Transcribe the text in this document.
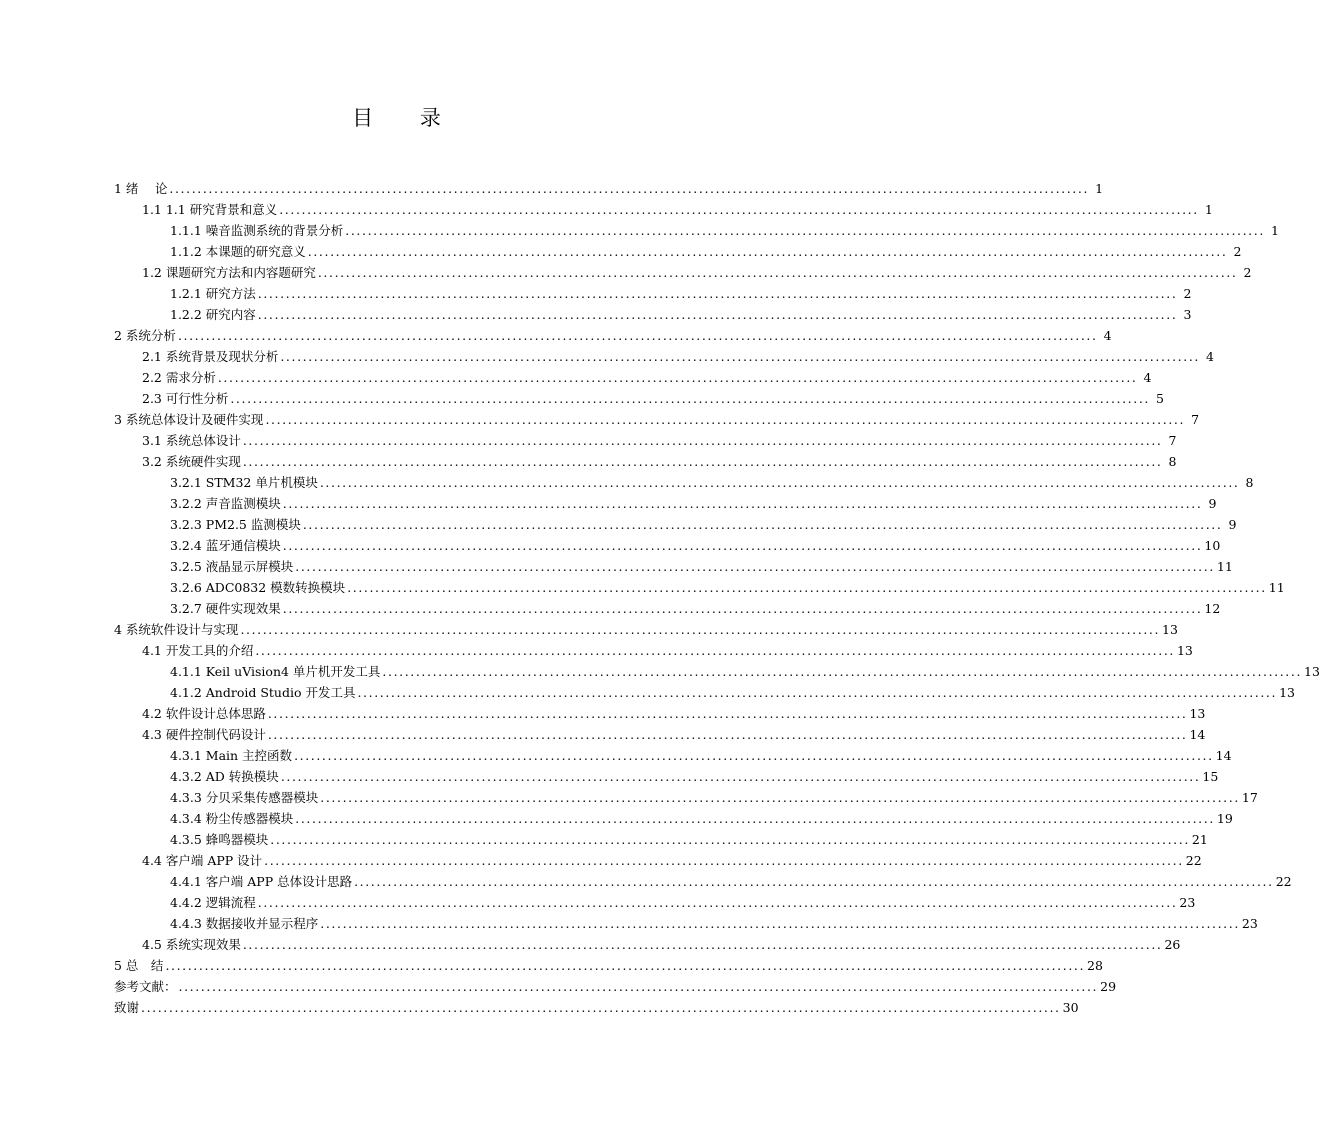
目 录
1 绪　 论 ..................................................................................................................................................................... 1
1.1 1.1 研究背景和意义 ..................................................................................................................................................................... 1
1.1.1 噪音监测系统的背景分析 ..................................................................................................................................................................... 1
1.1.2 本课题的研究意义 ..................................................................................................................................................................... 2
1.2 课题研究方法和内容题研究 ..................................................................................................................................................................... 2
1.2.1 研究方法 ..................................................................................................................................................................... 2
1.2.2 研究内容 ..................................................................................................................................................................... 3
2 系统分析 ..................................................................................................................................................................... 4
2.1 系统背景及现状分析 ..................................................................................................................................................................... 4
2.2 需求分析 ..................................................................................................................................................................... 4
2.3 可行性分析 ..................................................................................................................................................................... 5
3 系统总体设计及硬件实现 ..................................................................................................................................................................... 7
3.1 系统总体设计 ..................................................................................................................................................................... 7
3.2 系统硬件实现 ..................................................................................................................................................................... 8
3.2.1 STM32 单片机模块 ..................................................................................................................................................................... 8
3.2.2 声音监测模块 ..................................................................................................................................................................... 9
3.2.3 PM2.5 监测模块 ..................................................................................................................................................................... 9
3.2.4 蓝牙通信模块 ..................................................................................................................................................................... 10
3.2.5 液晶显示屏模块 ..................................................................................................................................................................... 11
3.2.6 ADC0832 模数转换模块 ..................................................................................................................................................................... 11
3.2.7 硬件实现效果 ..................................................................................................................................................................... 12
4 系统软件设计与实现 ..................................................................................................................................................................... 13
4.1 开发工具的介绍 ..................................................................................................................................................................... 13
4.1.1 Keil uVision4 单片机开发工具 ..................................................................................................................................................................... 13
4.1.2 Android Studio 开发工具 ..................................................................................................................................................................... 13
4.2 软件设计总体思路 ..................................................................................................................................................................... 13
4.3 硬件控制代码设计 ..................................................................................................................................................................... 14
4.3.1 Main 主控函数 ..................................................................................................................................................................... 14
4.3.2 AD 转换模块 ..................................................................................................................................................................... 15
4.3.3 分贝采集传感器模块 ..................................................................................................................................................................... 17
4.3.4 粉尘传感器模块 ..................................................................................................................................................................... 19
4.3.5 蜂鸣器模块 ..................................................................................................................................................................... 21
4.4 客户端 APP 设计 ..................................................................................................................................................................... 22
4.4.1 客户端 APP 总体设计思路 ..................................................................................................................................................................... 22
4.4.2 逻辑流程 ..................................................................................................................................................................... 23
4.4.3 数据接收并显示程序 ..................................................................................................................................................................... 23
4.5 系统实现效果 ..................................................................................................................................................................... 26
5 总　结 ..................................................................................................................................................................... 28
参考文献： ..................................................................................................................................................................... 29
致谢 ..................................................................................................................................................................... 30
